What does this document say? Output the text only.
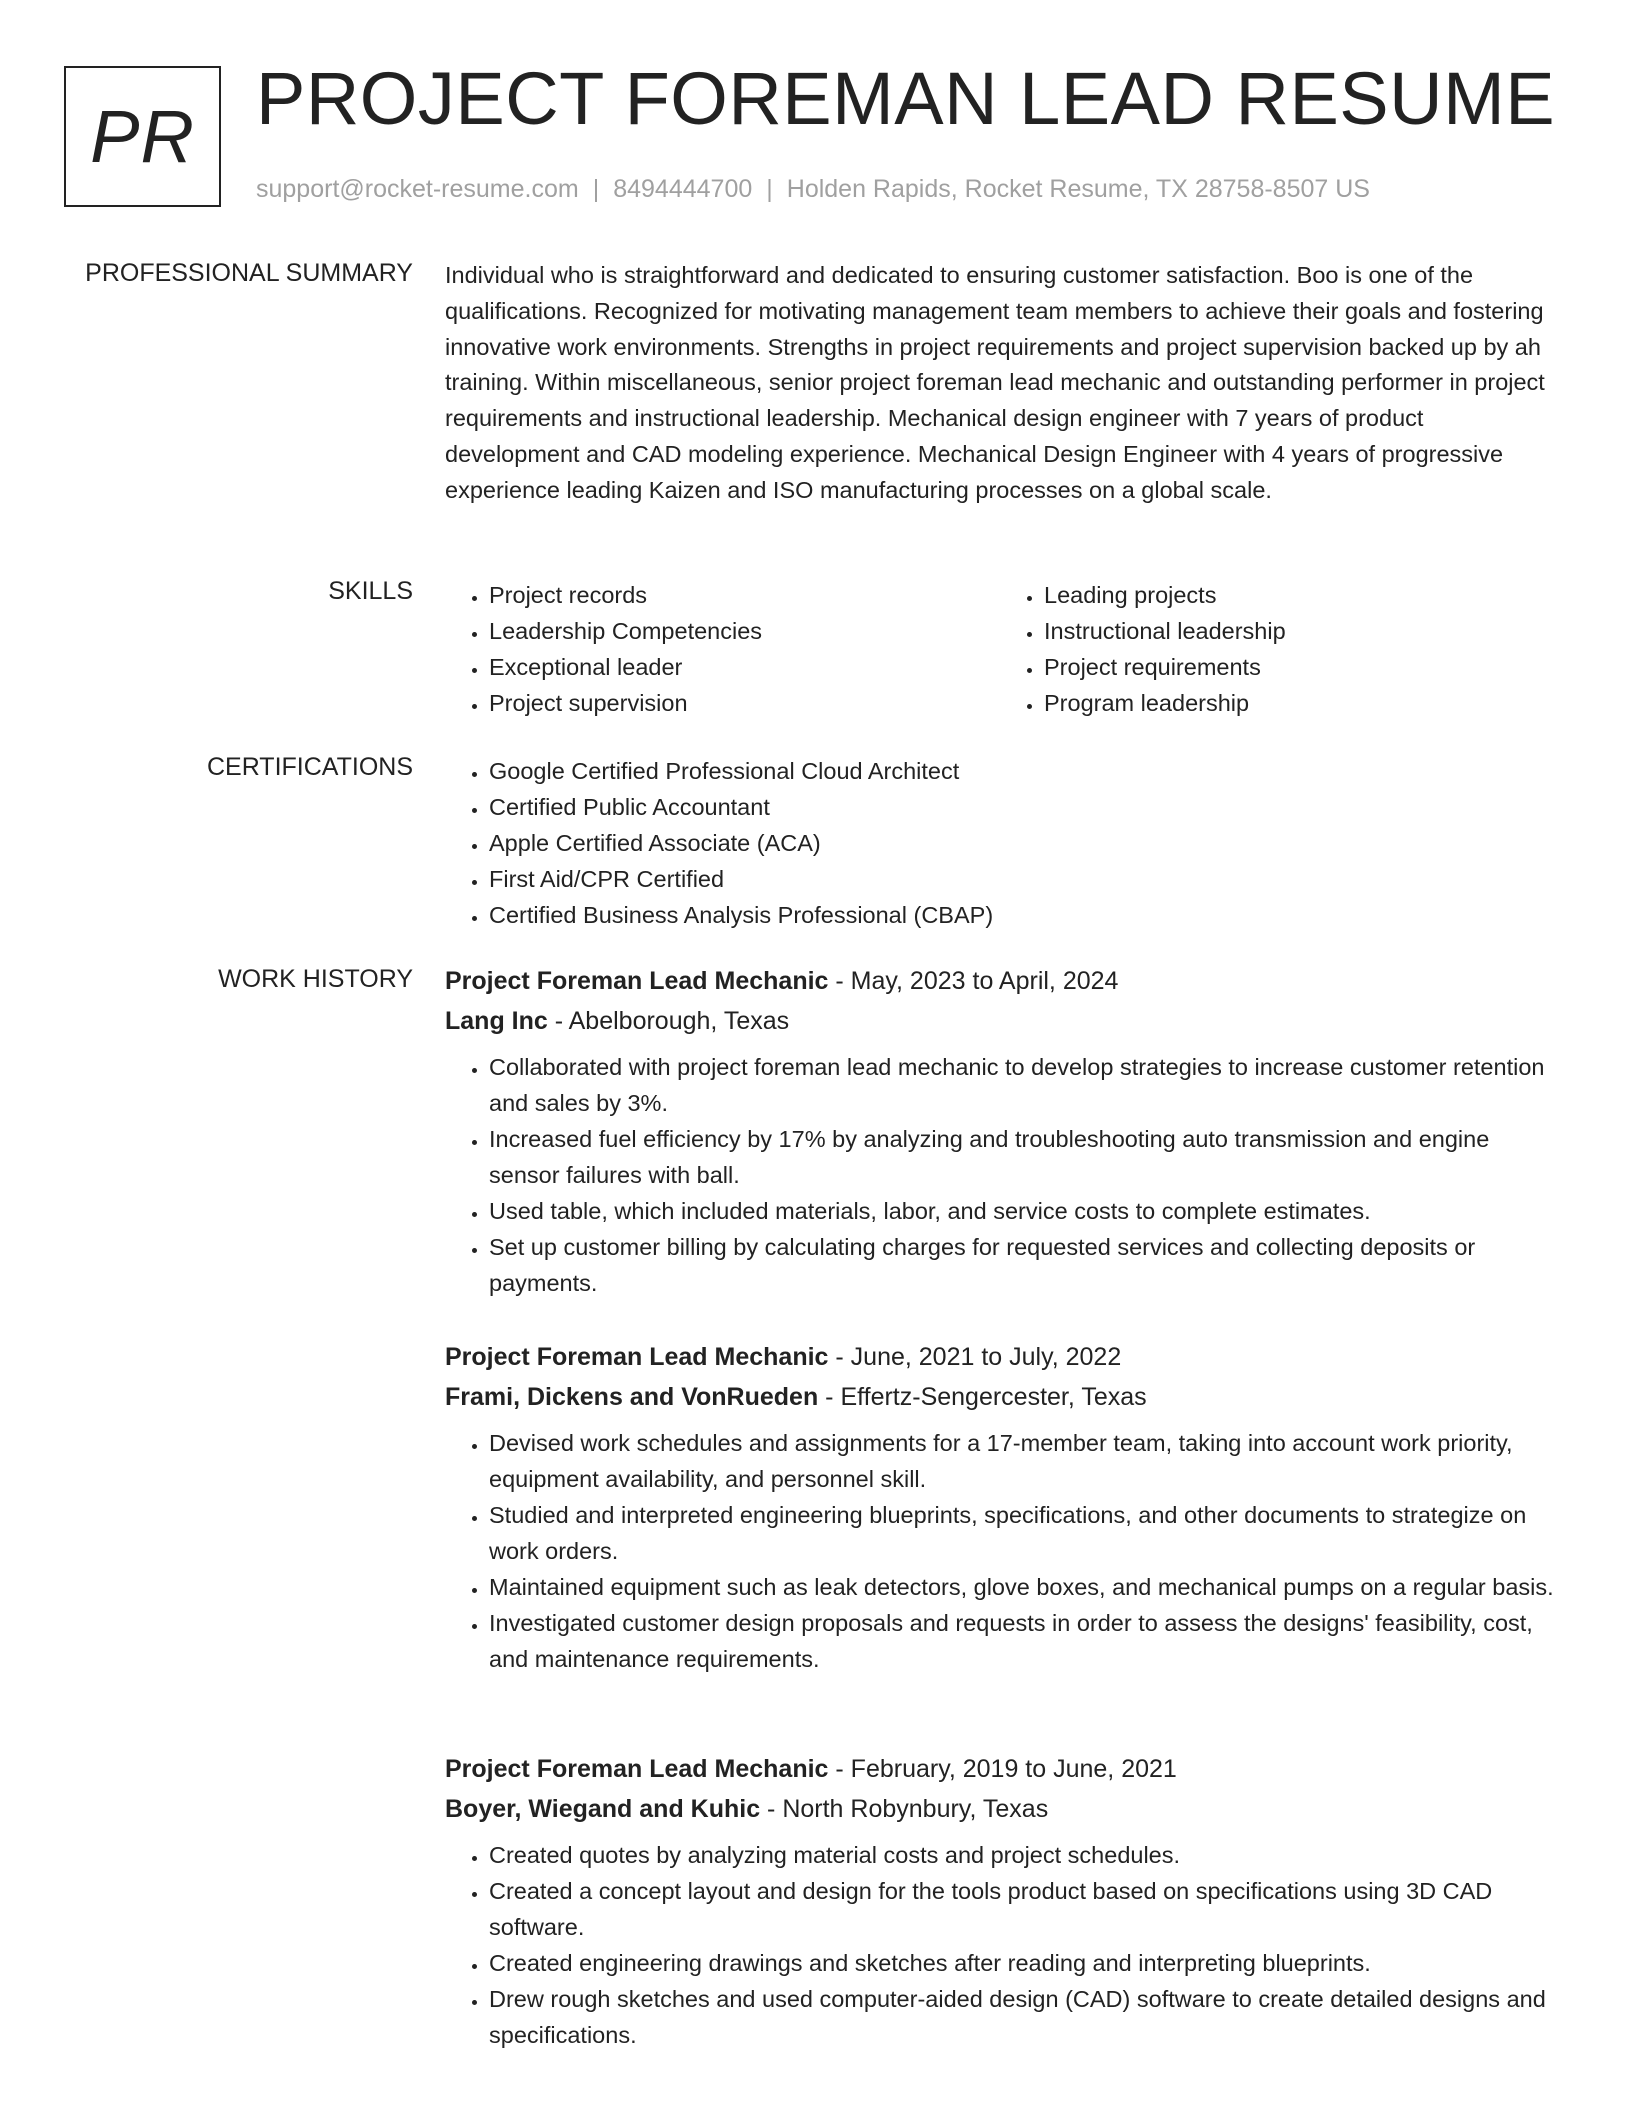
PR PROJECT FOREMAN LEAD RESUME
support@rocket-resume.com | 8494444700 | Holden Rapids, Rocket Resume, TX 28758-8507 US
PROFESSIONAL SUMMARY Individual who is straightforward and dedicated to ensuring customer satisfaction. Boo is one of the qualifications. Recognized for motivating management team members to achieve their goals and fostering innovative work environments. Strengths in project requirements and project supervision backed up by ah training. Within miscellaneous, senior project foreman lead mechanic and outstanding performer in project requirements and instructional leadership. Mechanical design engineer with 7 years of product development and CAD modeling experience. Mechanical Design Engineer with 4 years of progressive experience leading Kaizen and ISO manufacturing processes on a global scale.

SKILLS	• Project records
• Leadership Competencies
• Exceptional leader
• Project supervision
• Leading projects
• Instructional leadership
• Project requirements
• Program leadership
CERTIFICATIONS	• Google Certified Professional Cloud Architect
• Certified Public Accountant
• Apple Certified Associate (ACA)
• First Aid/CPR Certified
• Certified Business Analysis Professional (CBAP)
WORK HISTORY Project Foreman Lead Mechanic - May, 2023 to April, 2024
Lang Inc - Abelborough, Texas
• Collaborated with project foreman lead mechanic to develop strategies to increase customer retention and sales by 3%.
• Increased fuel efficiency by 17% by analyzing and troubleshooting auto transmission and engine sensor failures with ball.
• Used table, which included materials, labor, and service costs to complete estimates.
• Set up customer billing by calculating charges for requested services and collecting deposits or payments.
Project Foreman Lead Mechanic - June, 2021 to July, 2022
Frami, Dickens and VonRueden - Effertz-Sengercester, Texas
• Devised work schedules and assignments for a 17-member team, taking into account work priority, equipment availability, and personnel skill.
• Studied and interpreted engineering blueprints, specifications, and other documents to strategize on work orders.
• Maintained equipment such as leak detectors, glove boxes, and mechanical pumps on a regular basis.
• Investigated customer design proposals and requests in order to assess the designs' feasibility, cost, and maintenance requirements.
Project Foreman Lead Mechanic - February, 2019 to June, 2021
Boyer, Wiegand and Kuhic - North Robynbury, Texas
• Created quotes by analyzing material costs and project schedules.
• Created a concept layout and design for the tools product based on specifications using 3D CAD software.
• Created engineering drawings and sketches after reading and interpreting blueprints.
• Drew rough sketches and used computer-aided design (CAD) software to create detailed designs and specifications.
